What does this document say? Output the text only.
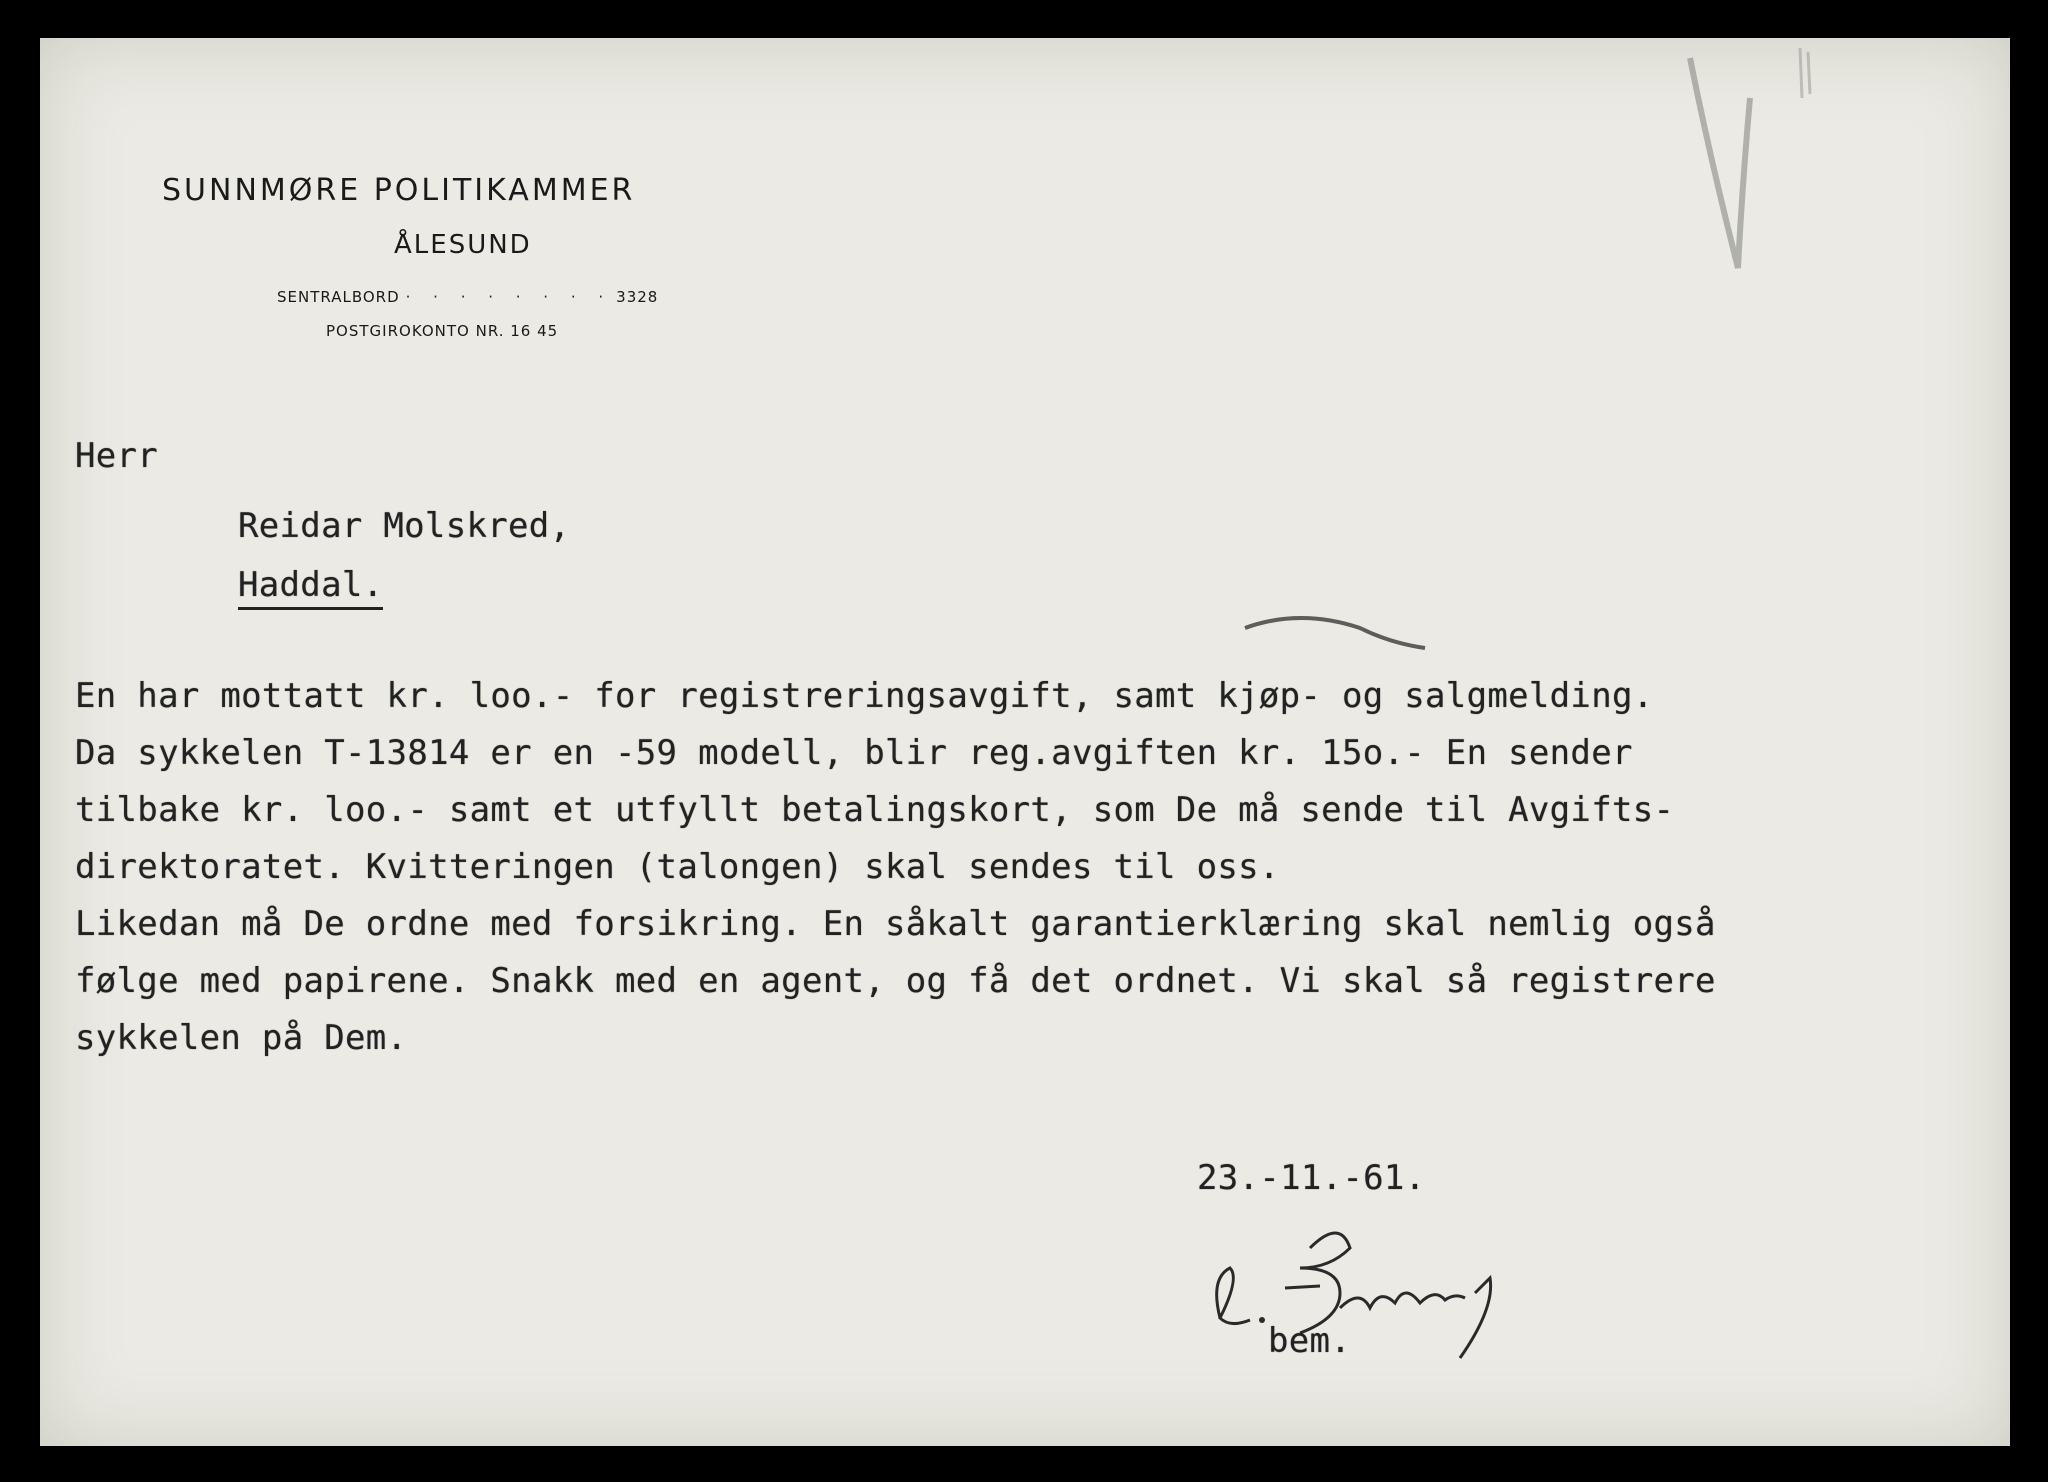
SUNNMØRE POLITIKAMMER
ÅLESUND
SENTRALBORD · · · · · · · · 3328
POSTGIROKONTO NR. 16 45
Herr
Reidar Molskred,
Haddal.
En har mottatt kr. loo.- for registreringsavgift, samt kjøp- og salgmelding.
Da sykkelen T-13814 er en -59 modell, blir reg.avgiften kr. 15o.- En sender
tilbake kr. loo.- samt et utfyllt betalingskort, som De må sende til Avgifts-
direktoratet. Kvitteringen (talongen) skal sendes til oss.
Likedan må De ordne med forsikring. En såkalt garantierklæring skal nemlig også
følge med papirene. Snakk med en agent, og få det ordnet. Vi skal så registrere
sykkelen på Dem.
23.-11.-61.
bem.
